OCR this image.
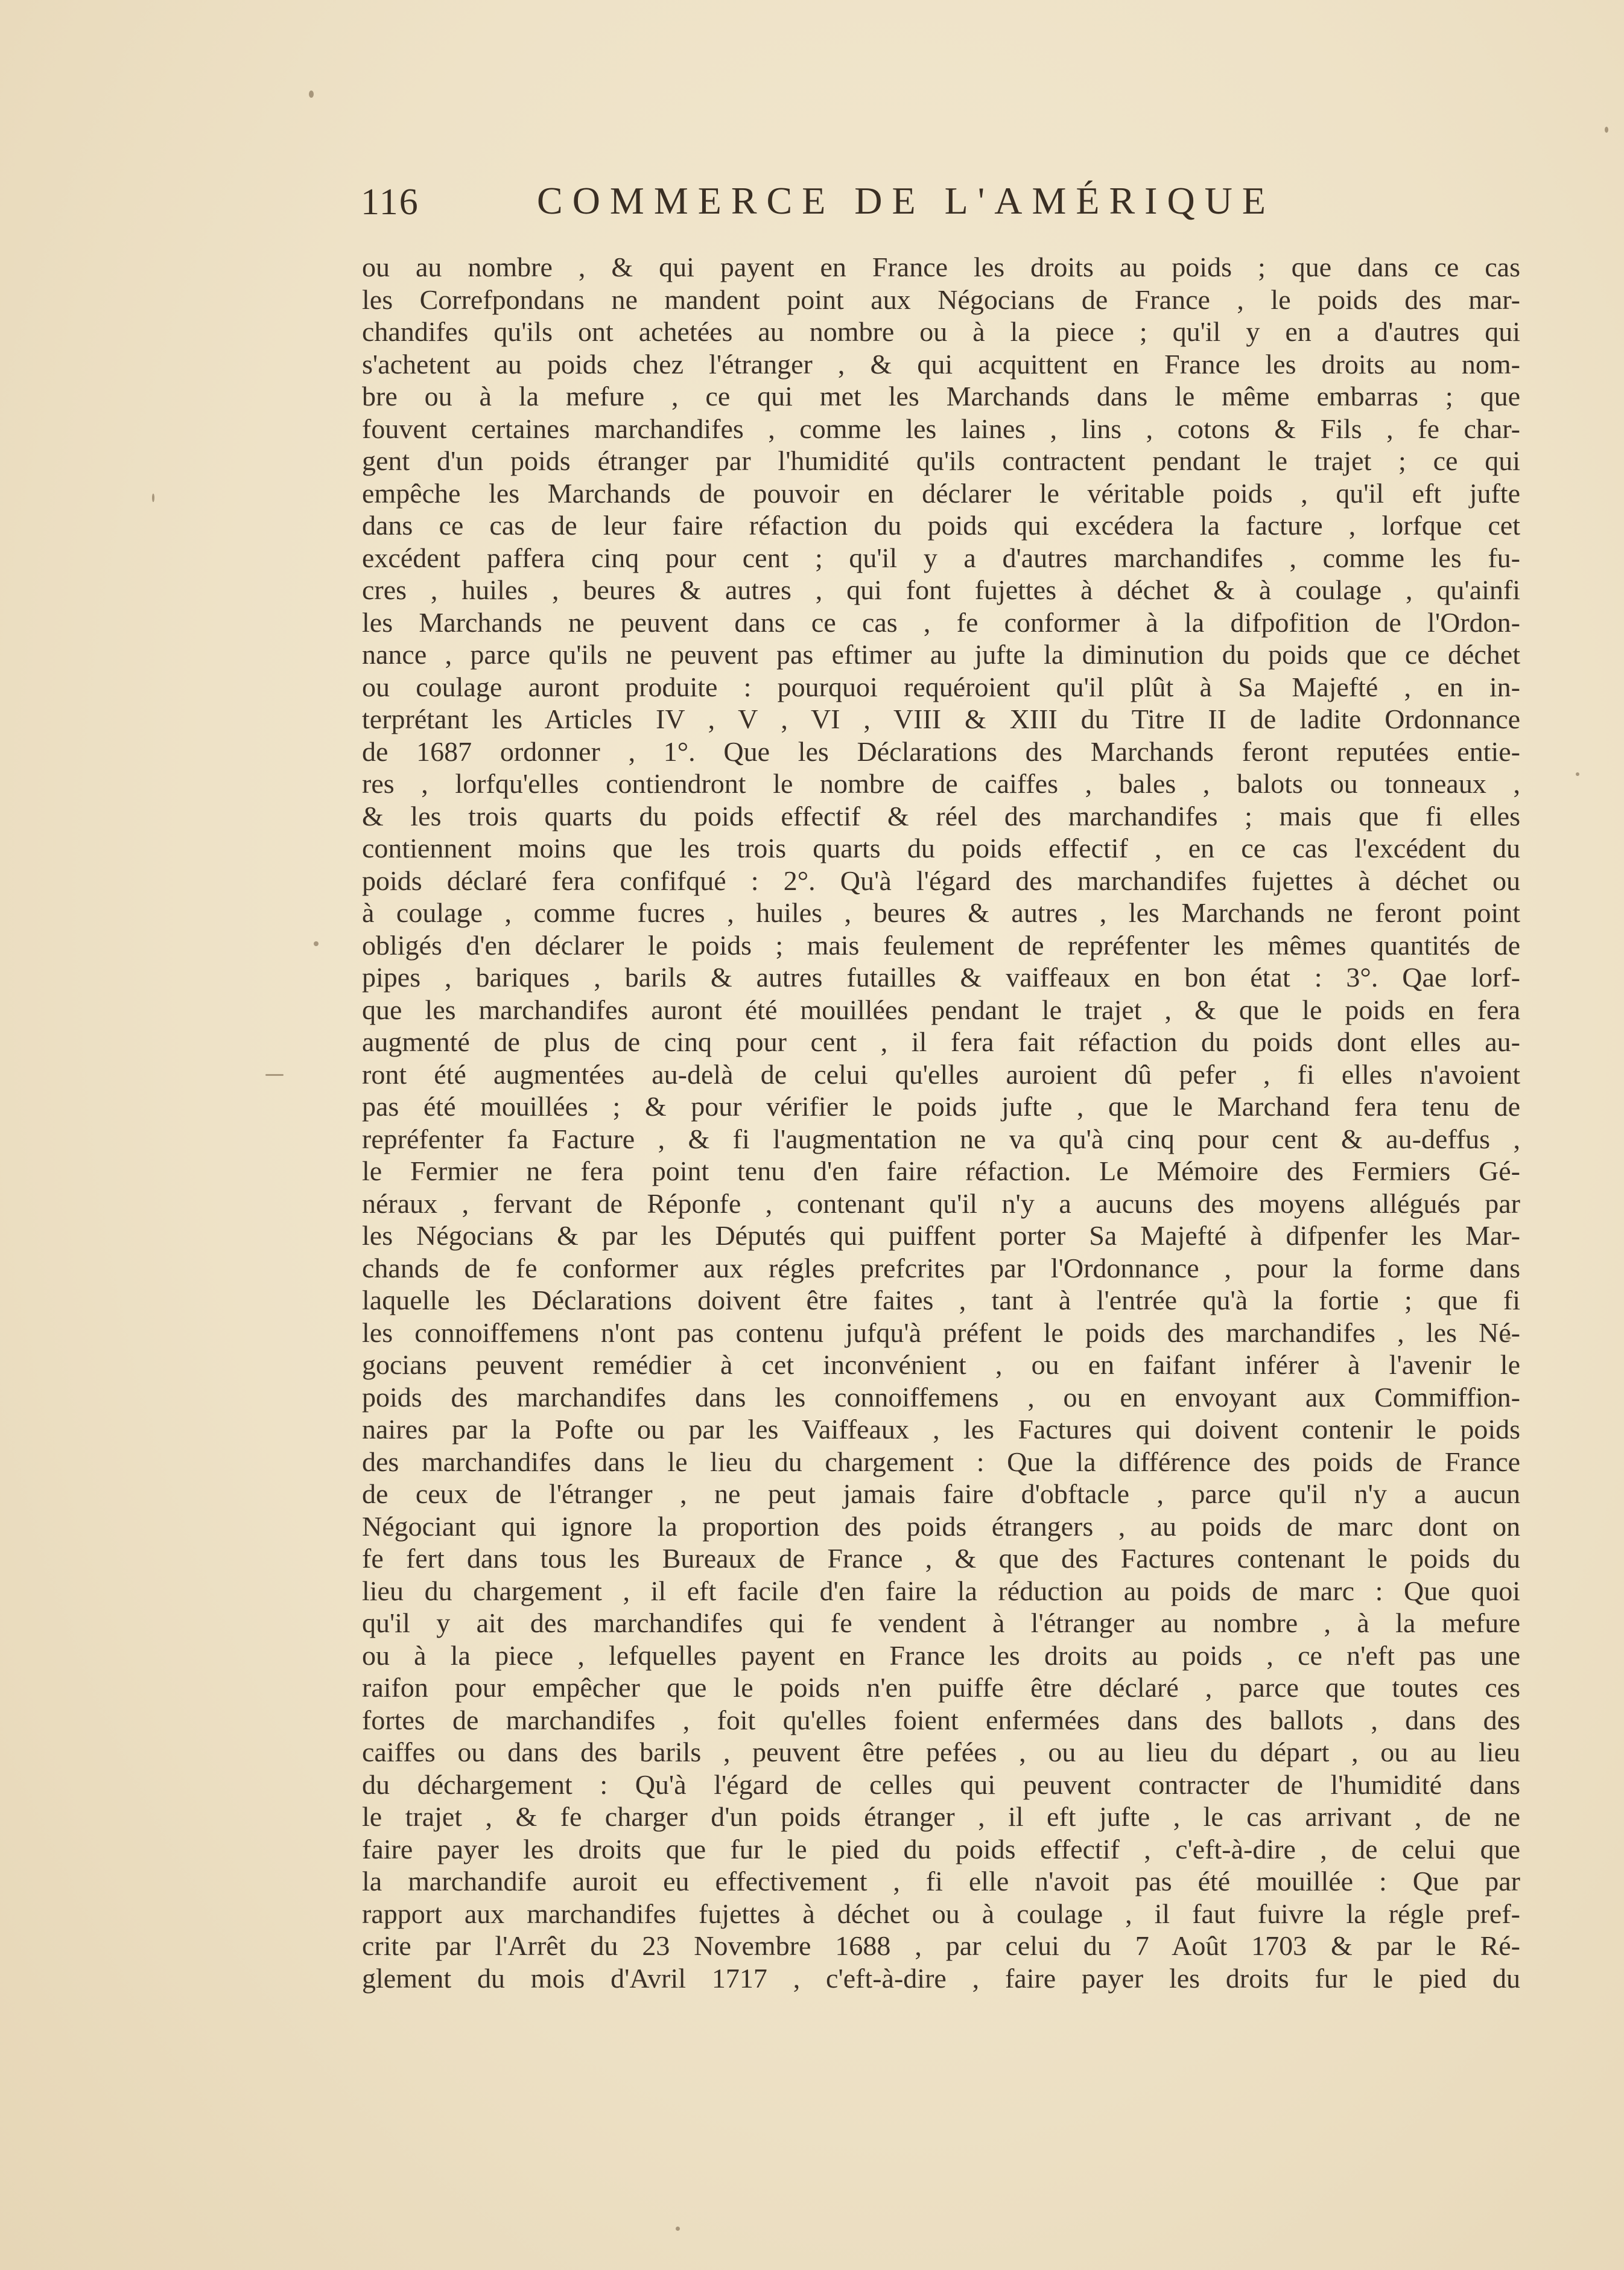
116	COMMERCE DE L'AMÉRIQUE
ou au nombre , & qui payent en France les droits au poids ; que dans ce cas
les Correfpondans ne mandent point aux Négocians de France , le poids des mar-
chandifes qu'ils ont achetées au nombre ou à la piece ; qu'il y en a d'autres qui
s'achetent au poids chez l'étranger , & qui acquittent en France les droits au nom-
bre ou à la mefure , ce qui met les Marchands dans le même embarras ; que
fouvent certaines marchandifes , comme les laines , lins , cotons & Fils , fe char-
gent d'un poids étranger par l'humidité qu'ils contractent pendant le trajet ; ce qui
empêche les Marchands de pouvoir en déclarer le véritable poids , qu'il eft jufte
dans ce cas de leur faire réfaction du poids qui excédera la facture , lorfque cet
excédent paffera cinq pour cent ; qu'il y a d'autres marchandifes , comme les fu-
cres , huiles , beures & autres , qui font fujettes à déchet & à coulage , qu'ainfi
les Marchands ne peuvent dans ce cas , fe conformer à la difpofition de l'Ordon-
nance , parce qu'ils ne peuvent pas eftimer au jufte la diminution du poids que ce déchet
ou coulage auront produite : pourquoi requéroient qu'il plût à Sa Majefté , en in-
terprétant les Articles IV , V , VI , VIII & XIII du Titre II de ladite Ordonnance
de 1687 ordonner , 1°. Que les Déclarations des Marchands feront reputées entie-
res , lorfqu'elles contiendront le nombre de caiffes , bales , balots ou tonneaux ,
& les trois quarts du poids effectif & réel des marchandifes ; mais que fi elles
contiennent moins que les trois quarts du poids effectif , en ce cas l'excédent du
poids déclaré fera confifqué : 2°. Qu'à l'égard des marchandifes fujettes à déchet ou
à coulage , comme fucres , huiles , beures & autres , les Marchands ne feront point
obligés d'en déclarer le poids ; mais feulement de repréfenter les mêmes quantités de
pipes , bariques , barils & autres futailles & vaiffeaux en bon état : 3°. Qae lorf-
que les marchandifes auront été mouillées pendant le trajet , & que le poids en fera
augmenté de plus de cinq pour cent , il fera fait réfaction du poids dont elles au-
ront été augmentées au-delà de celui qu'elles auroient dû pefer , fi elles n'avoient
pas été mouillées ; & pour vérifier le poids jufte , que le Marchand fera tenu de
repréfenter fa Facture , & fi l'augmentation ne va qu'à cinq pour cent & au-deffus ,
le Fermier ne fera point tenu d'en faire réfaction. Le Mémoire des Fermiers Gé-
néraux , fervant de Réponfe , contenant qu'il n'y a aucuns des moyens allégués par
les Négocians & par les Députés qui puiffent porter Sa Majefté à difpenfer les Mar-
chands de fe conformer aux régles prefcrites par l'Ordonnance , pour la forme dans
laquelle les Déclarations doivent être faites , tant à l'entrée qu'à la fortie ; que fi
les connoiffemens n'ont pas contenu jufqu'à préfent le poids des marchandifes , les Né-
gocians peuvent remédier à cet inconvénient , ou en faifant inférer à l'avenir le
poids des marchandifes dans les connoiffemens , ou en envoyant aux Commiffion-
naires par la Pofte ou par les Vaiffeaux , les Factures qui doivent contenir le poids
des marchandifes dans le lieu du chargement : Que la différence des poids de France
de ceux de l'étranger , ne peut jamais faire d'obftacle , parce qu'il n'y a aucun
Négociant qui ignore la proportion des poids étrangers , au poids de marc dont on
fe fert dans tous les Bureaux de France , & que des Factures contenant le poids du
lieu du chargement , il eft facile d'en faire la réduction au poids de marc : Que quoi
qu'il y ait des marchandifes qui fe vendent à l'étranger au nombre , à la mefure
ou à la piece , lefquelles payent en France les droits au poids , ce n'eft pas une
raifon pour empêcher que le poids n'en puiffe être déclaré , parce que toutes ces
fortes de marchandifes , foit qu'elles foient enfermées dans des ballots , dans des
caiffes ou dans des barils , peuvent être pefées , ou au lieu du départ , ou au lieu
du déchargement : Qu'à l'égard de celles qui peuvent contracter de l'humidité dans
le trajet , & fe charger d'un poids étranger , il eft jufte , le cas arrivant , de ne
faire payer les droits que fur le pied du poids effectif , c'eft-à-dire , de celui que
la marchandife auroit eu effectivement , fi elle n'avoit pas été mouillée : Que par
rapport aux marchandifes fujettes à déchet ou à coulage , il faut fuivre la régle pref-
crite par l'Arrêt du 23 Novembre 1688 , par celui du 7 Août 1703 & par le Ré-
glement du mois d'Avril 1717 , c'eft-à-dire , faire payer les droits fur le pied du
